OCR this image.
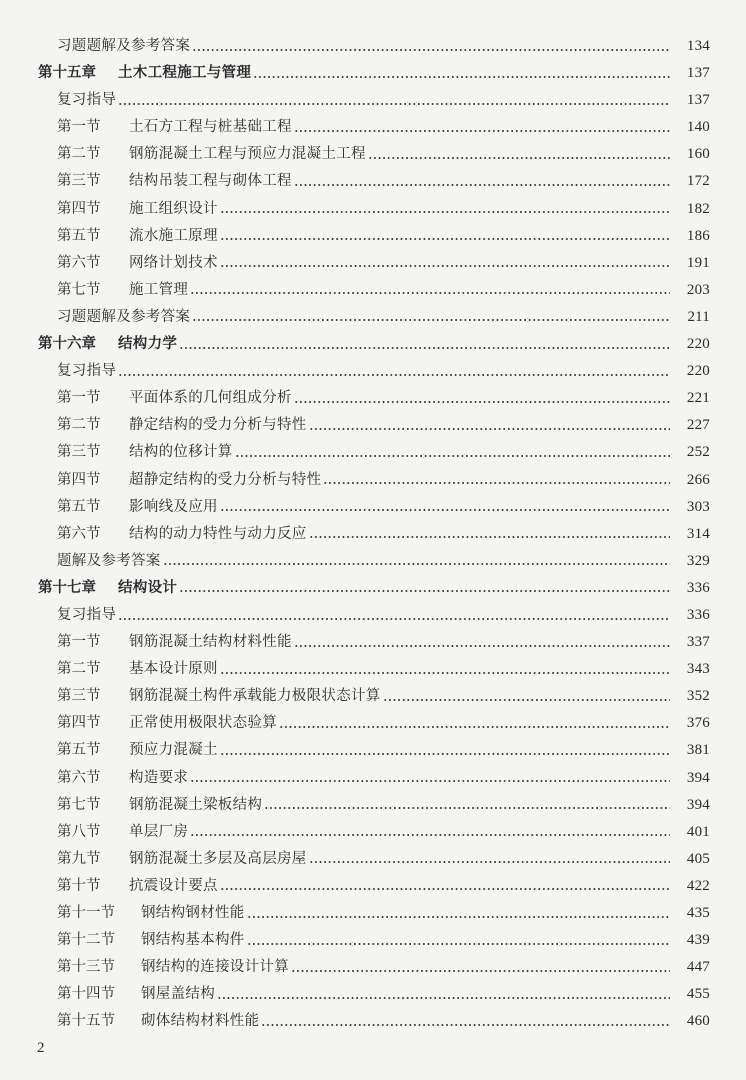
习题题解及参考答案	134
第十五章	土木工程施工与管理	137
复习指导	137
第一节	土石方工程与桩基础工程	140
第二节	钢筋混凝土工程与预应力混凝土工程	160
第三节	结构吊装工程与砌体工程	172
第四节	施工组织设计	182
第五节	流水施工原理	186
第六节	网络计划技术	191
第七节	施工管理	203
习题题解及参考答案	211
第十六章	结构力学	220
复习指导	220
第一节	平面体系的几何组成分析	221
第二节	静定结构的受力分析与特性	227
第三节	结构的位移计算	252
第四节	超静定结构的受力分析与特性	266
第五节	影响线及应用	303
第六节	结构的动力特性与动力反应	314
题解及参考答案	329
第十七章	结构设计	336
复习指导	336
第一节	钢筋混凝土结构材料性能	337
第二节	基本设计原则	343
第三节	钢筋混凝土构件承载能力极限状态计算	352
第四节	正常使用极限状态验算	376
第五节	预应力混凝土	381
第六节	构造要求	394
第七节	钢筋混凝土梁板结构	394
第八节	单层厂房	401
第九节	钢筋混凝土多层及高层房屋	405
第十节	抗震设计要点	422
第十一节	钢结构钢材性能	435
第十二节	钢结构基本构件	439
第十三节	钢结构的连接设计计算	447
第十四节	钢屋盖结构	455
第十五节	砌体结构材料性能	460
2
